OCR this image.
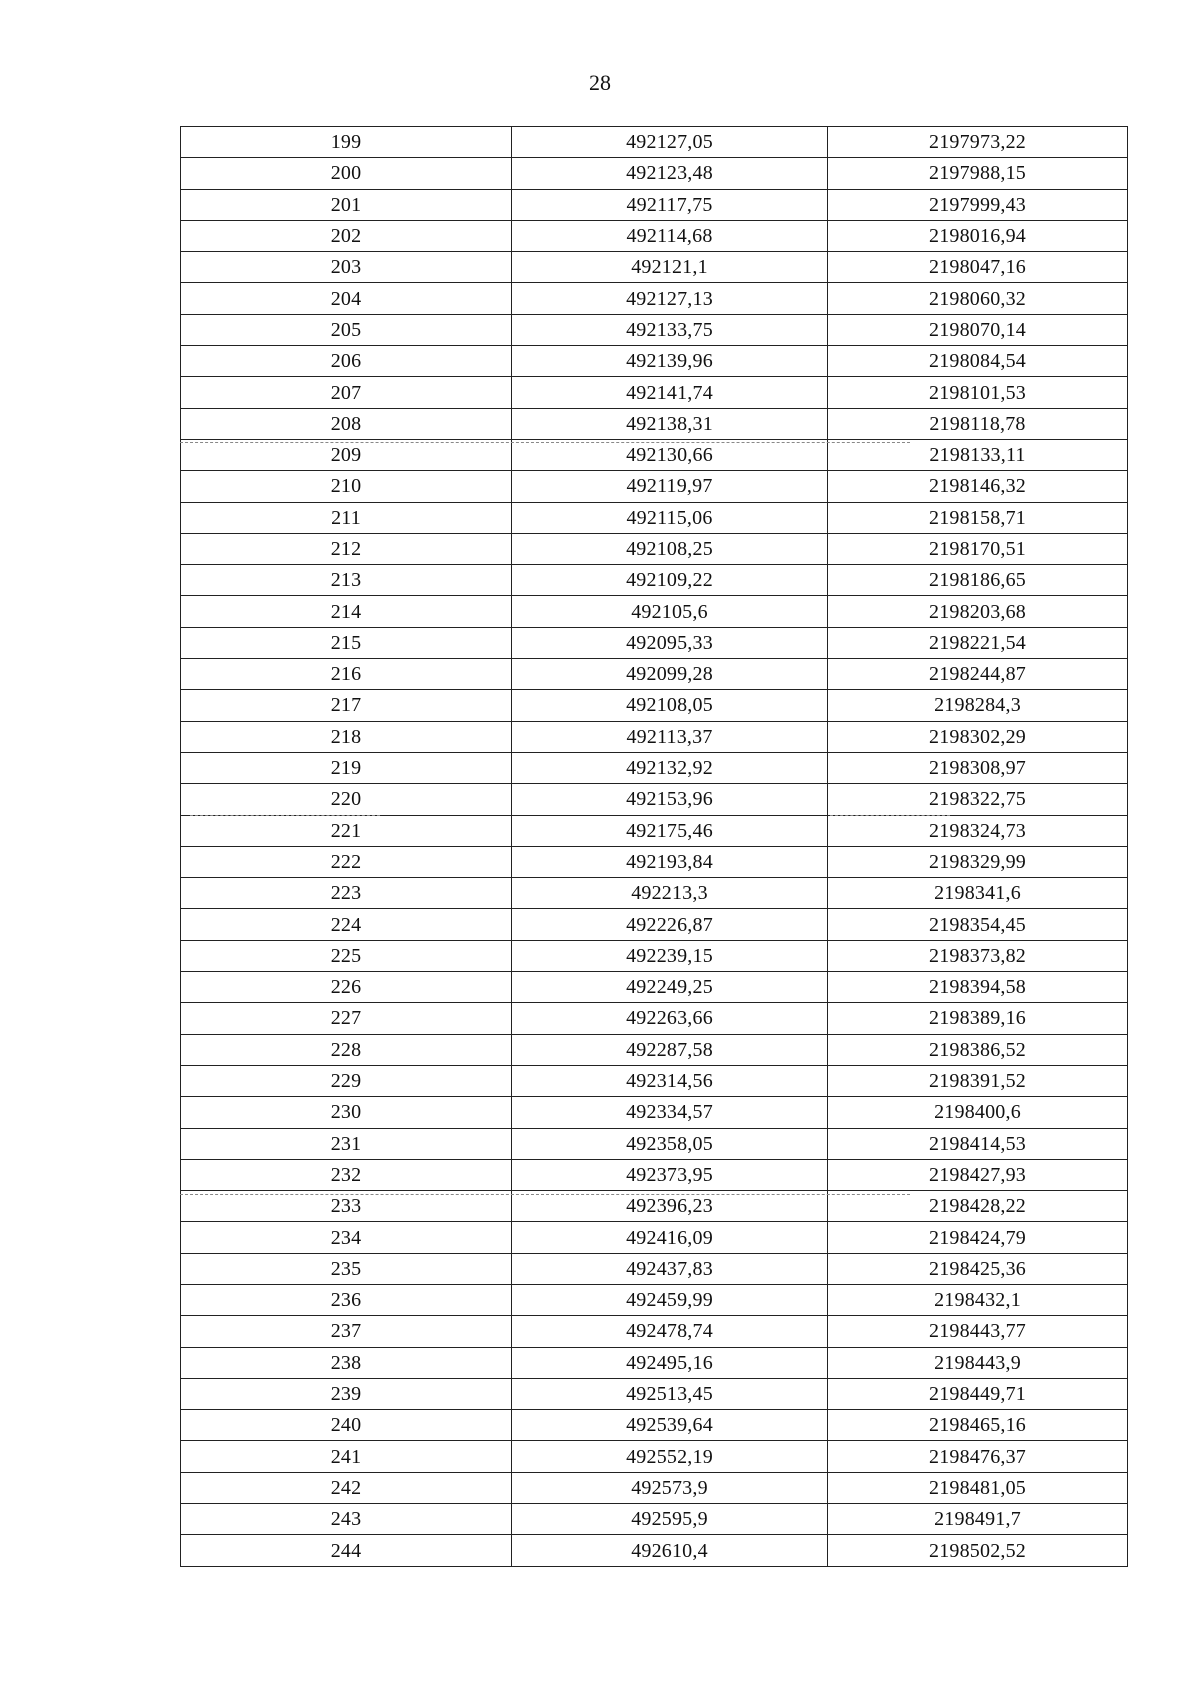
28
199	492127,05	2197973,22
200	492123,48	2197988,15
201	492117,75	2197999,43
202	492114,68	2198016,94
203	492121,1	2198047,16
204	492127,13	2198060,32
205	492133,75	2198070,14
206	492139,96	2198084,54
207	492141,74	2198101,53
208	492138,31	2198118,78
209	492130,66	2198133,11
210	492119,97	2198146,32
211	492115,06	2198158,71
212	492108,25	2198170,51
213	492109,22	2198186,65
214	492105,6	2198203,68
215	492095,33	2198221,54
216	492099,28	2198244,87
217	492108,05	2198284,3
218	492113,37	2198302,29
219	492132,92	2198308,97
220	492153,96	2198322,75
221	492175,46	2198324,73
222	492193,84	2198329,99
223	492213,3	2198341,6
224	492226,87	2198354,45
225	492239,15	2198373,82
226	492249,25	2198394,58
227	492263,66	2198389,16
228	492287,58	2198386,52
229	492314,56	2198391,52
230	492334,57	2198400,6
231	492358,05	2198414,53
232	492373,95	2198427,93
233	492396,23	2198428,22
234	492416,09	2198424,79
235	492437,83	2198425,36
236	492459,99	2198432,1
237	492478,74	2198443,77
238	492495,16	2198443,9
239	492513,45	2198449,71
240	492539,64	2198465,16
241	492552,19	2198476,37
242	492573,9	2198481,05
243	492595,9	2198491,7
244	492610,4	2198502,52
